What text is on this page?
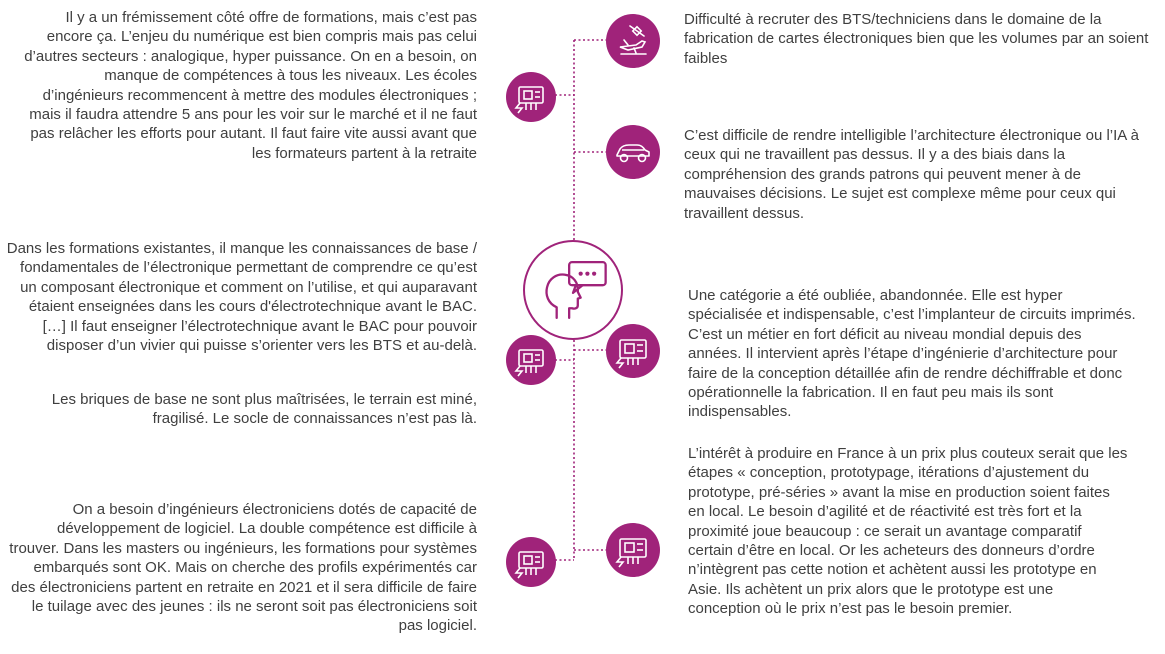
Il y a un frémissement côté offre de formations, mais c’est pas encore ça. L’enjeu du numérique est bien compris mais pas celui d’autres secteurs : analogique, hyper puissance. On en a besoin, on manque de compétences à tous les niveaux. Les écoles d’ingénieurs recommencent à mettre des modules électroniques ; mais il faudra attendre 5 ans pour les voir sur le marché et il ne faut pas relâcher les efforts pour autant. Il faut faire vite aussi avant que les formateurs partent à la retraite

Dans les formations existantes, il manque les connaissances de base / fondamentales de l’électronique permettant de comprendre ce qu’est un composant électronique et comment on l’utilise, et qui auparavant étaient enseignées dans les cours d'électrotechnique avant le BAC. […] Il faut enseigner l’électrotechnique avant le BAC pour pouvoir disposer d’un vivier qui puisse s’orienter vers les BTS et au-delà.

Les briques de base ne sont plus maîtrisées, le terrain est miné, fragilisé. Le socle de connaissances n’est pas là.

On a besoin d’ingénieurs électroniciens dotés de capacité de développement de logiciel. La double compétence est difficile à trouver. Dans les masters ou ingénieurs, les formations pour systèmes embarqués sont OK. Mais on cherche des profils expérimentés car des électroniciens partent en retraite en 2021 et il sera difficile de faire le tuilage avec des jeunes : ils ne seront soit pas électroniciens soit pas logiciel.

Difficulté à recruter des BTS/techniciens dans le domaine de la fabrication de cartes électroniques bien que les volumes par an soient faibles

C’est difficile de rendre intelligible l’architecture électronique ou l’IA à ceux qui ne travaillent pas dessus. Il y a des biais dans la compréhension des grands patrons qui peuvent mener à de mauvaises décisions. Le sujet est complexe même pour ceux qui travaillent dessus.

Une catégorie a été oubliée, abandonnée. Elle est hyper spécialisée et indispensable, c’est l’implanteur de circuits imprimés. C’est un métier en fort déficit au niveau mondial depuis des années. Il intervient après l’étape d’ingénierie d’architecture pour faire de la conception détaillée afin de rendre déchiffrable et donc opérationnelle la fabrication. Il en faut peu mais ils sont indispensables.

L’intérêt à produire en France à un prix plus couteux serait que les étapes « conception, prototypage, itérations d’ajustement du prototype, pré-séries » avant la mise en production soient faites en local. Le besoin d’agilité et de réactivité est très fort et la proximité joue beaucoup : ce serait un avantage comparatif certain d’être en local. Or les acheteurs des donneurs d’ordre n’intègrent pas cette notion et achètent aussi les prototype en Asie. Ils achètent un prix alors que le prototype est une conception où le prix n’est pas le besoin premier.
